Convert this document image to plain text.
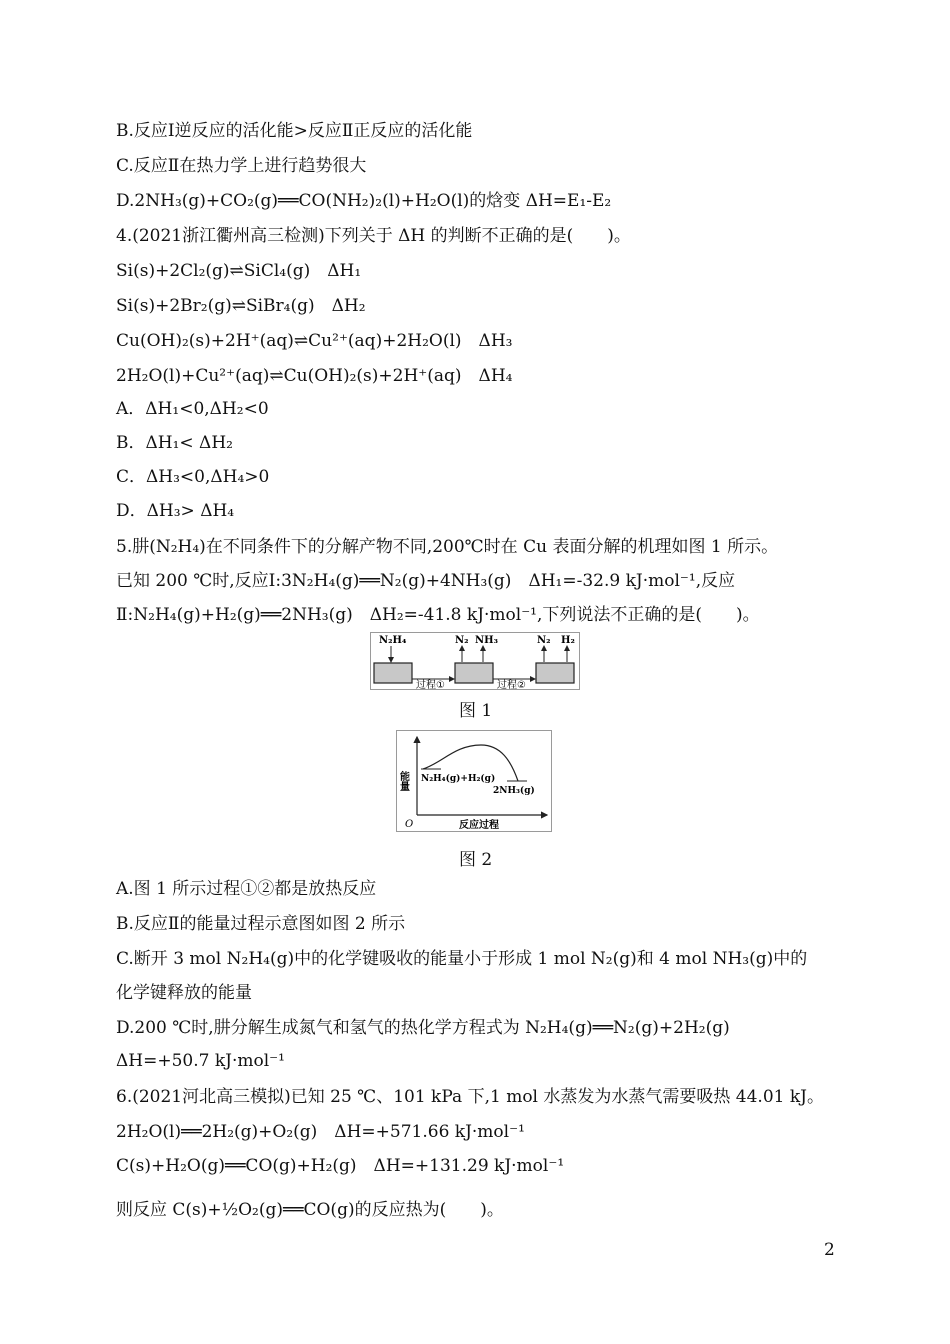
B.反应Ⅰ逆反应的活化能>反应Ⅱ正反应的活化能
C.反应Ⅱ在热力学上进行趋势很大
D.2NH₃(g)+CO₂(g)══CO(NH₂)₂(l)+H₂O(l)的焓变 ΔH=E₁-E₂
4.(2021浙江衢州高三检测)下列关于 ΔH 的判断不正确的是(　　)。
Si(s)+2Cl₂(g)⇌SiCl₄(g)　ΔH₁
Si(s)+2Br₂(g)⇌SiBr₄(g)　ΔH₂
Cu(OH)₂(s)+2H⁺(aq)⇌Cu²⁺(aq)+2H₂O(l)　ΔH₃
2H₂O(l)+Cu²⁺(aq)⇌Cu(OH)₂(s)+2H⁺(aq)　ΔH₄
A．ΔH₁<0,ΔH₂<0
B．ΔH₁< ΔH₂
C．ΔH₃<0,ΔH₄>0
D．ΔH₃> ΔH₄
5.肼(N₂H₄)在不同条件下的分解产物不同,200℃时在 Cu 表面分解的机理如图 1 所示。
已知 200 ℃时,反应Ⅰ:3N₂H₄(g)══N₂(g)+4NH₃(g)　ΔH₁=-32.9 kJ·mol⁻¹,反应
Ⅱ:N₂H₄(g)+H₂(g)══2NH₃(g)　ΔH₂=-41.8 kJ·mol⁻¹,下列说法不正确的是(　　)。
N₂H₄	N₂ NH₃	N₂ H₂
过程①	过程②
图 1
能量
O
N₂H₄(g)+H₂(g)
2NH₃(g)
反应过程
图 2
A.图 1 所示过程①②都是放热反应
B.反应Ⅱ的能量过程示意图如图 2 所示
C.断开 3 mol N₂H₄(g)中的化学键吸收的能量小于形成 1 mol N₂(g)和 4 mol NH₃(g)中的
化学键释放的能量
D.200 ℃时,肼分解生成氮气和氢气的热化学方程式为 N₂H₄(g)══N₂(g)+2H₂(g)
ΔH=+50.7 kJ·mol⁻¹
6.(2021河北高三模拟)已知 25 ℃、101 kPa 下,1 mol 水蒸发为水蒸气需要吸热 44.01 kJ。
2H₂O(l)══2H₂(g)+O₂(g)　ΔH=+571.66 kJ·mol⁻¹
C(s)+H₂O(g)══CO(g)+H₂(g)　ΔH=+131.29 kJ·mol⁻¹
则反应 C(s)+½O₂(g)══CO(g)的反应热为(　　)。
2
